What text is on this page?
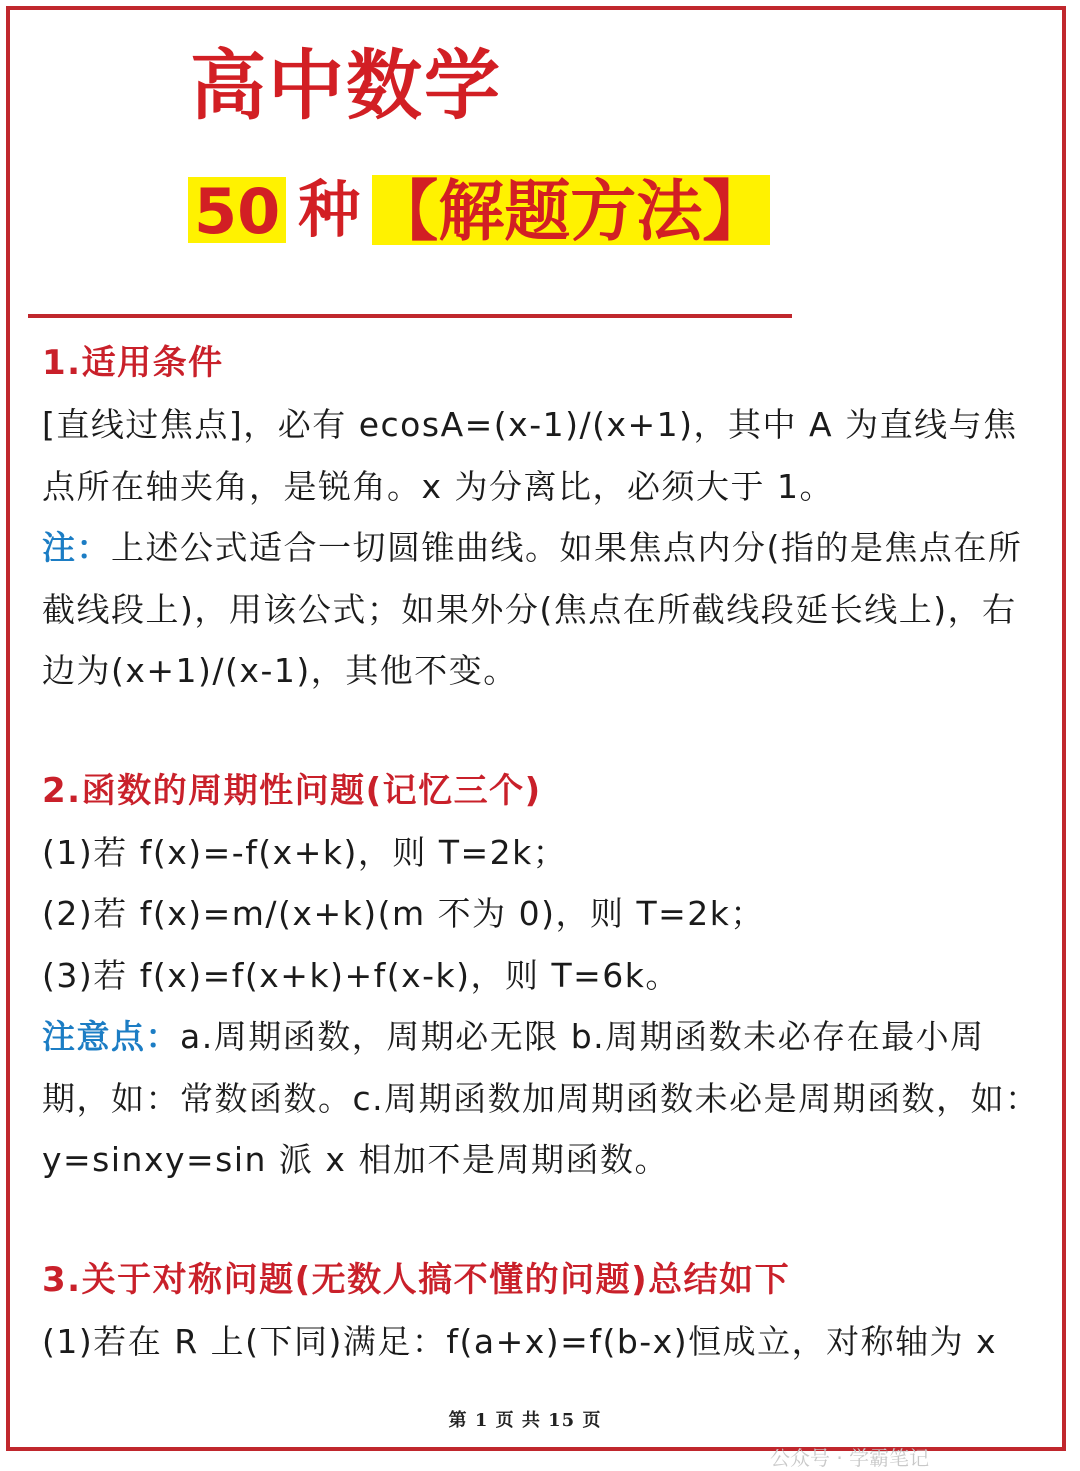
高中数学
50 种 【解题方法】
1.适用条件

[直线过焦点]，必有 ecosA=(x-1)/(x+1)，其中 A 为直线与焦点所在轴夹角，是锐角。x 为分离比，必须大于 1。

注：上述公式适合一切圆锥曲线。如果焦点内分(指的是焦点在所截线段上)，用该公式；如果外分(焦点在所截线段延长线上)，右边为(x+1)/(x-1)，其他不变。

2.函数的周期性问题(记忆三个)

(1)若 f(x)=-f(x+k)，则 T=2k；

(2)若 f(x)=m/(x+k)(m 不为 0)，则 T=2k；

(3)若 f(x)=f(x+k)+f(x-k)，则 T=6k。

注意点：a.周期函数，周期必无限 b.周期函数未必存在最小周期，如：常数函数。c.周期函数加周期函数未必是周期函数，如：y=sinxy=sin 派 x 相加不是周期函数。

3.关于对称问题(无数人搞不懂的问题)总结如下

(1)若在 R 上(下同)满足：f(a+x)=f(b-x)恒成立，对称轴为 x

第 1 页 共 15 页
公众号 · 学霸笔记
